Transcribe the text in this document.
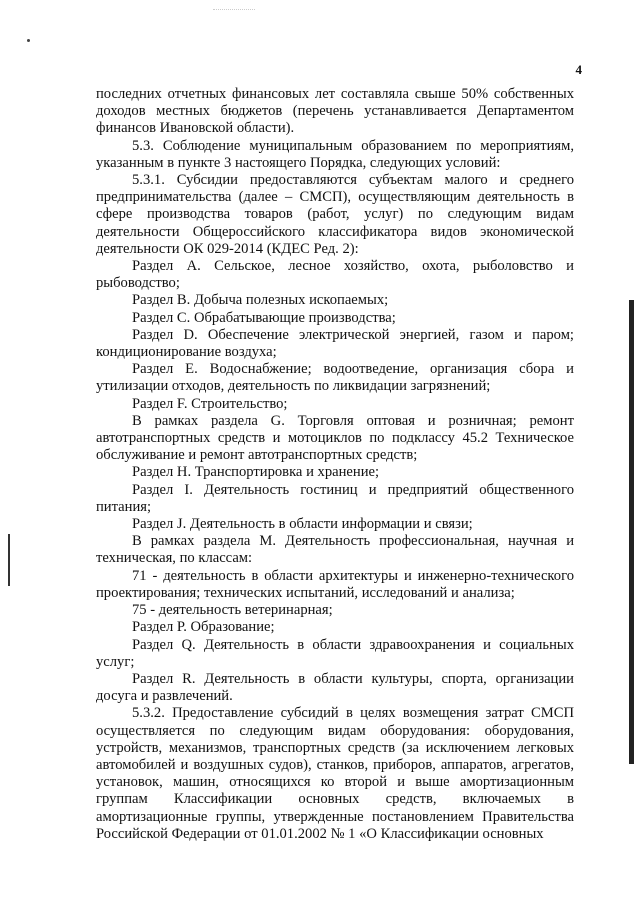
4

последних отчетных финансовых лет составляла свыше 50% собственных доходов местных бюджетов (перечень устанавливается Департаментом финансов Ивановской области).

5.3. Соблюдение муниципальным образованием по мероприятиям, указанным в пункте 3 настоящего Порядка, следующих условий:

5.3.1. Субсидии предоставляются субъектам малого и среднего предпринимательства (далее – СМСП), осуществляющим деятельность в сфере производства товаров (работ, услуг) по следующим видам деятельности Общероссийского классификатора видов экономической деятельности ОК 029-2014 (КДЕС Ред. 2):

Раздел А. Сельское, лесное хозяйство, охота, рыболовство и рыбоводство;

Раздел В. Добыча полезных ископаемых;

Раздел С. Обрабатывающие производства;

Раздел D. Обеспечение электрической энергией, газом и паром; кондиционирование воздуха;

Раздел Е. Водоснабжение; водоотведение, организация сбора и утилизации отходов, деятельность по ликвидации загрязнений;

Раздел F. Строительство;

В рамках раздела G. Торговля оптовая и розничная; ремонт автотранспортных средств и мотоциклов по подклассу 45.2 Техническое обслуживание и ремонт автотранспортных средств;

Раздел Н. Транспортировка и хранение;

Раздел I. Деятельность гостиниц и предприятий общественного питания;

Раздел J. Деятельность в области информации и связи;

В рамках раздела М. Деятельность профессиональная, научная и техническая, по классам:

71 - деятельность в области архитектуры и инженерно-технического проектирования; технических испытаний, исследований и анализа;

75 - деятельность ветеринарная;

Раздел Р. Образование;

Раздел Q. Деятельность в области здравоохранения и социальных услуг;

Раздел R. Деятельность в области культуры, спорта, организации досуга и развлечений.

5.3.2. Предоставление субсидий в целях возмещения затрат СМСП осуществляется по следующим видам оборудования: оборудования, устройств, механизмов, транспортных средств (за исключением легковых автомобилей и воздушных судов), станков, приборов, аппаратов, агрегатов, установок, машин, относящихся ко второй и выше амортизационным группам Классификации основных средств, включаемых в амортизационные группы, утвержденные постановлением Правительства Российской Федерации от 01.01.2002 № 1 «О Классификации основных
